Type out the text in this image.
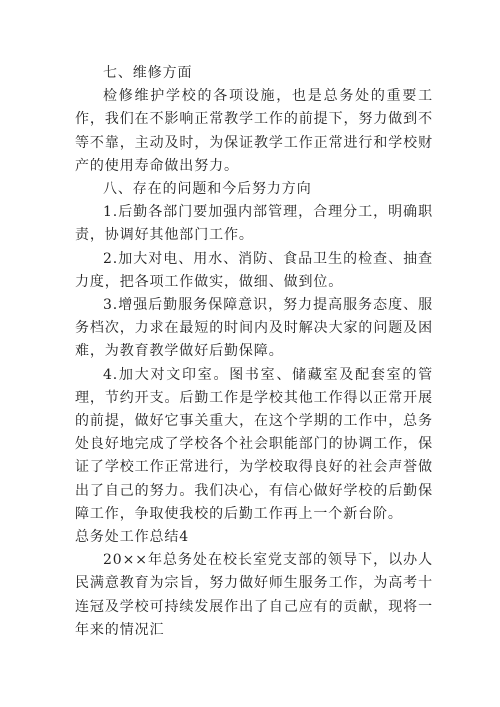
七、维修方面

检修维护学校的各项设施，也是总务处的重要工作，我们在不影响正常教学工作的前提下，努力做到不等不靠，主动及时，为保证教学工作正常进行和学校财产的使用寿命做出努力。

八、存在的问题和今后努力方向

1.后勤各部门要加强内部管理，合理分工，明确职责，协调好其他部门工作。

2.加大对电、用水、消防、食品卫生的检查、抽查力度，把各项工作做实，做细、做到位。

3.增强后勤服务保障意识，努力提高服务态度、服务档次，力求在最短的时间内及时解决大家的问题及困难，为教育教学做好后勤保障。

4.加大对文印室。图书室、储藏室及配套室的管理，节约开支。后勤工作是学校其他工作得以正常开展的前提，做好它事关重大，在这个学期的工作中，总务处良好地完成了学校各个社会职能部门的协调工作，保证了学校工作正常进行，为学校取得良好的社会声誉做出了自己的努力。我们决心，有信心做好学校的后勤保障工作，争取使我校的后勤工作再上一个新台阶。

总务处工作总结4

20××年总务处在校长室党支部的领导下，以办人民满意教育为宗旨，努力做好师生服务工作，为高考十连冠及学校可持续发展作出了自己应有的贡献，现将一年来的情况汇
